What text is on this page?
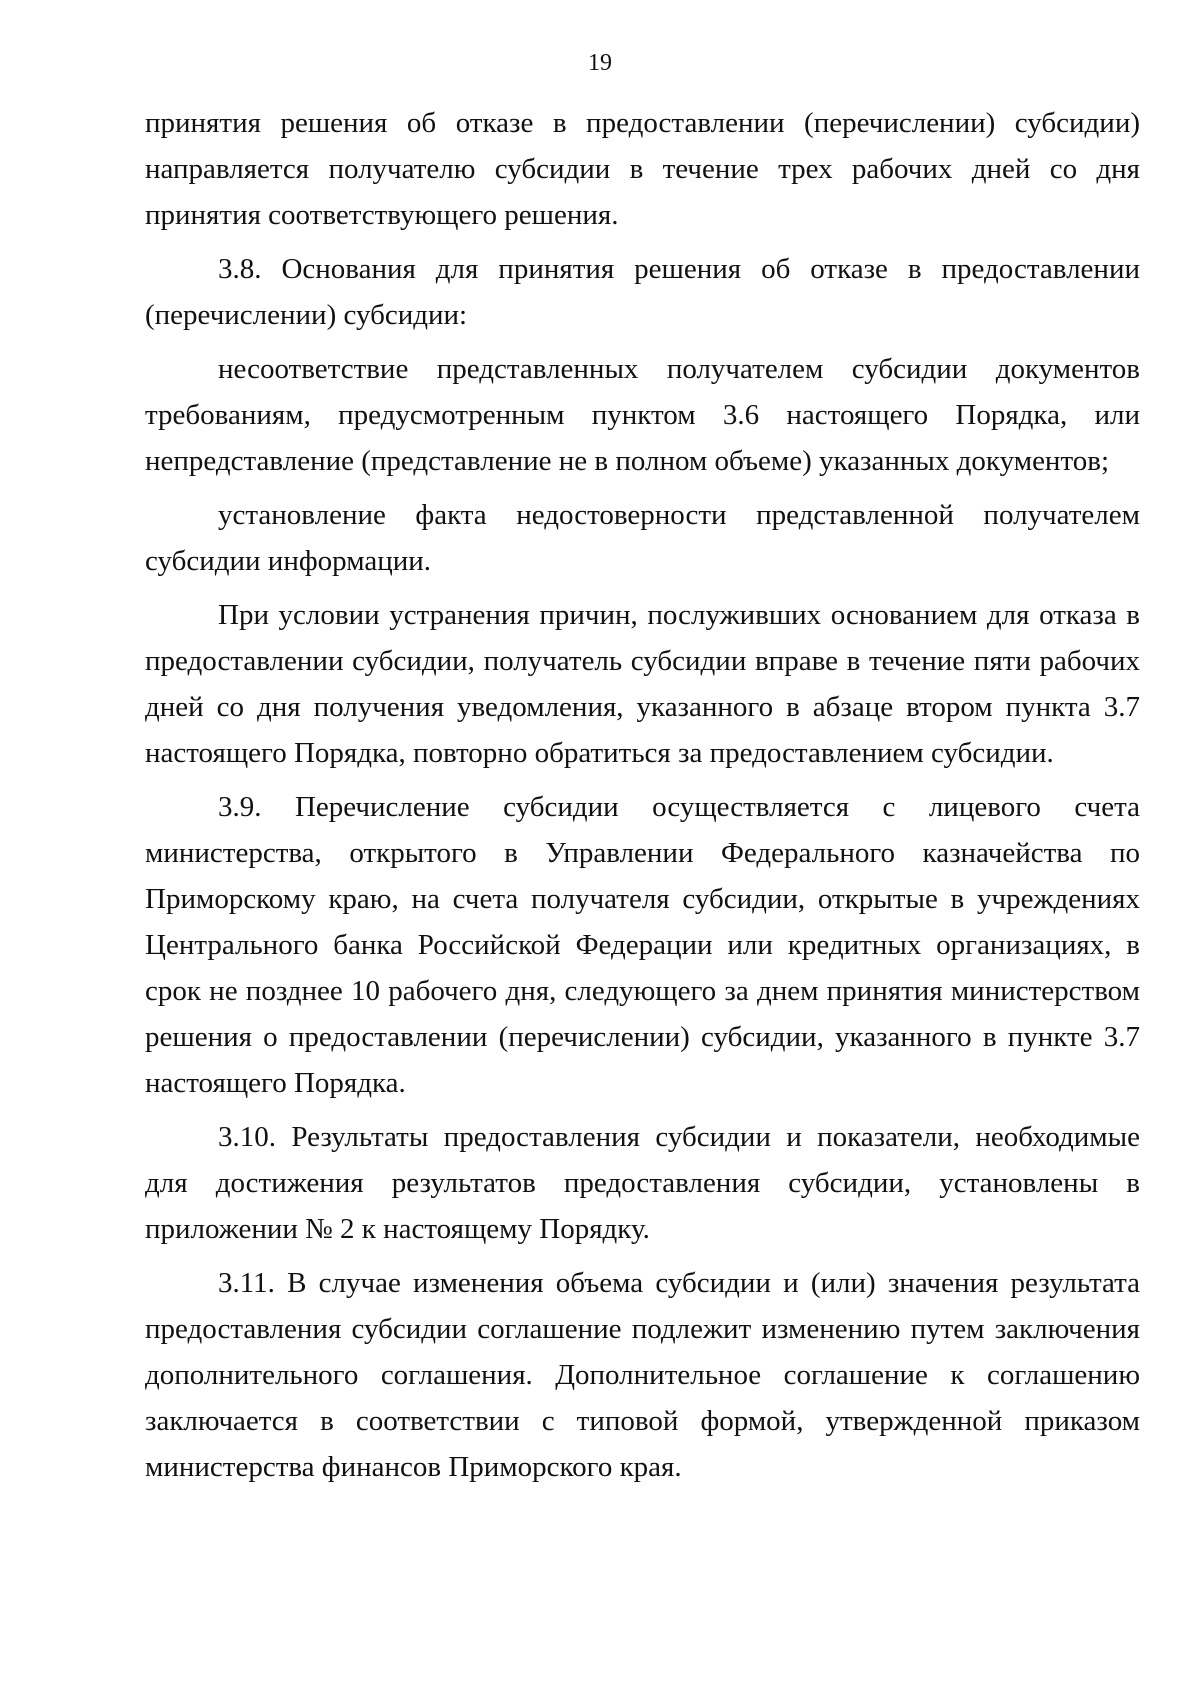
19

принятия решения об отказе в предоставлении (перечислении) субсидии) направляется получателю субсидии в течение трех рабочих дней со дня принятия соответствующего решения.

3.8. Основания для принятия решения об отказе в предоставлении (перечислении) субсидии:

несоответствие представленных получателем субсидии документов требованиям, предусмотренным пунктом 3.6 настоящего Порядка, или непредставление (представление не в полном объеме) указанных документов;

установление факта недостоверности представленной получателем субсидии информации.

При условии устранения причин, послуживших основанием для отказа в предоставлении субсидии, получатель субсидии вправе в течение пяти рабочих дней со дня получения уведомления, указанного в абзаце втором пункта 3.7 настоящего Порядка, повторно обратиться за предоставлением субсидии.

3.9. Перечисление субсидии осуществляется с лицевого счета министерства, открытого в Управлении Федерального казначейства по Приморскому краю, на счета получателя субсидии, открытые в учреждениях Центрального банка Российской Федерации или кредитных организациях, в срок не позднее 10 рабочего дня, следующего за днем принятия министерством решения о предоставлении (перечислении) субсидии, указанного в пункте 3.7 настоящего Порядка.

3.10. Результаты предоставления субсидии и показатели, необходимые для достижения результатов предоставления субсидии, установлены в приложении № 2 к настоящему Порядку.

3.11. В случае изменения объема субсидии и (или) значения результата предоставления субсидии соглашение подлежит изменению путем заключения дополнительного соглашения. Дополнительное соглашение к соглашению заключается в соответствии с типовой формой, утвержденной приказом министерства финансов Приморского края.
